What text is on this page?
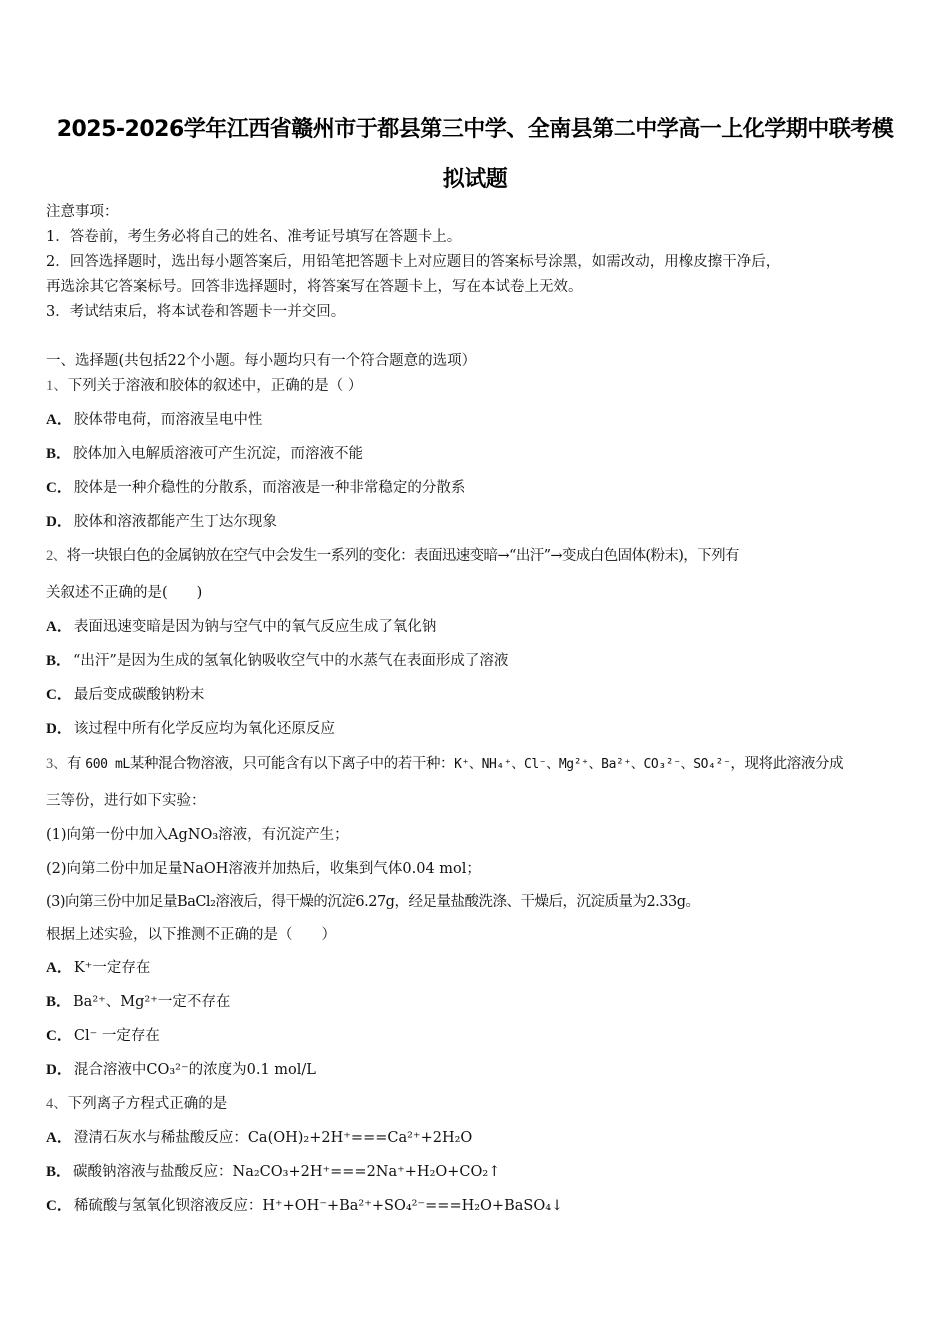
2025-2026学年江西省赣州市于都县第三中学、全南县第二中学高一上化学期中联考模
拟试题
注意事项：
1．答卷前，考生务必将自己的姓名、准考证号填写在答题卡上。
2．回答选择题时，选出每小题答案后，用铅笔把答题卡上对应题目的答案标号涂黑，如需改动，用橡皮擦干净后，
再选涂其它答案标号。回答非选择题时，将答案写在答题卡上，写在本试卷上无效。
3．考试结束后，将本试卷和答题卡一并交回。
一、选择题(共包括22个小题。每小题均只有一个符合题意的选项）
1、下列关于溶液和胶体的叙述中，正确的是（ ）
A． 胶体带电荷，而溶液呈电中性
B． 胶体加入电解质溶液可产生沉淀，而溶液不能
C． 胶体是一种介稳性的分散系，而溶液是一种非常稳定的分散系
D． 胶体和溶液都能产生丁达尔现象
2、将一块银白色的金属钠放在空气中会发生一系列的变化：表面迅速变暗→“出汗”→变成白色固体(粉末)，下列有
关叙述不正确的是(　　)
A． 表面迅速变暗是因为钠与空气中的氧气反应生成了氧化钠
B． “出汗”是因为生成的氢氧化钠吸收空气中的水蒸气在表面形成了溶液
C． 最后变成碳酸钠粉末
D． 该过程中所有化学反应均为氧化还原反应
3、有 600 mL某种混合物溶液，只可能含有以下离子中的若干种：K⁺、NH₄⁺、Cl⁻、Mg²⁺、Ba²⁺、CO₃²⁻、SO₄²⁻，现将此溶液分成
三等份，进行如下实验：
(1)向第一份中加入AgNO₃溶液，有沉淀产生；
(2)向第二份中加足量NaOH溶液并加热后，收集到气体0.04 mol；
(3)向第三份中加足量BaCl₂溶液后，得干燥的沉淀6.27g，经足量盐酸洗涤、干燥后，沉淀质量为2.33g。
根据上述实验，以下推测不正确的是（　　）
A． K⁺一定存在
B． Ba²⁺、Mg²⁺一定不存在
C． Cl⁻ 一定存在
D． 混合溶液中CO₃²⁻的浓度为0.1 mol/L
4、下列离子方程式正确的是
A． 澄清石灰水与稀盐酸反应：Ca(OH)₂+2H⁺===Ca²⁺+2H₂O
B． 碳酸钠溶液与盐酸反应：Na₂CO₃+2H⁺===2Na⁺+H₂O+CO₂↑
C． 稀硫酸与氢氧化钡溶液反应：H⁺+OH⁻+Ba²⁺+SO₄²⁻===H₂O+BaSO₄↓
